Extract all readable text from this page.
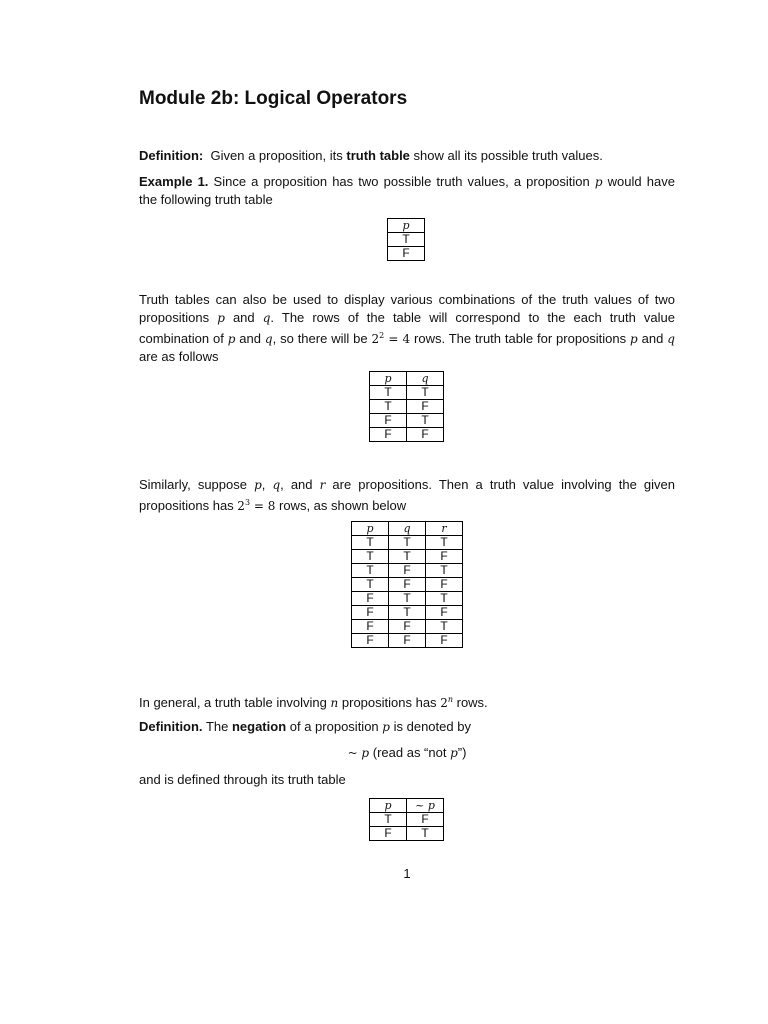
Module 2b: Logical Operators
Definition: Given a proposition, its truth table show all its possible truth values.
Example 1. Since a proposition has two possible truth values, a proposition p would have the following truth table
p
T
F
Truth tables can also be used to display various combinations of the truth values of two propositions p and q. The rows of the table will correspond to the each truth value combination of p and q, so there will be $2^2 = 4$ rows. The truth table for propositions p and q are as follows
p	q
T	T
T	F
F	T
F	F
Similarly, suppose p, q, and r are propositions. Then a truth value involving the given propositions has $2^3 = 8$ rows, as shown below
p	q	r
T	T	T
T	T	F
T	F	T
T	F	F
F	T	T
F	T	F
F	F	T
F	F	F
In general, a truth table involving n propositions has 2$^n$ rows.
Definition. The negation of a proposition p is denoted by
~ p (read as “not p”)
and is defined through its truth table
p	~ p
T	F
F	T
1
